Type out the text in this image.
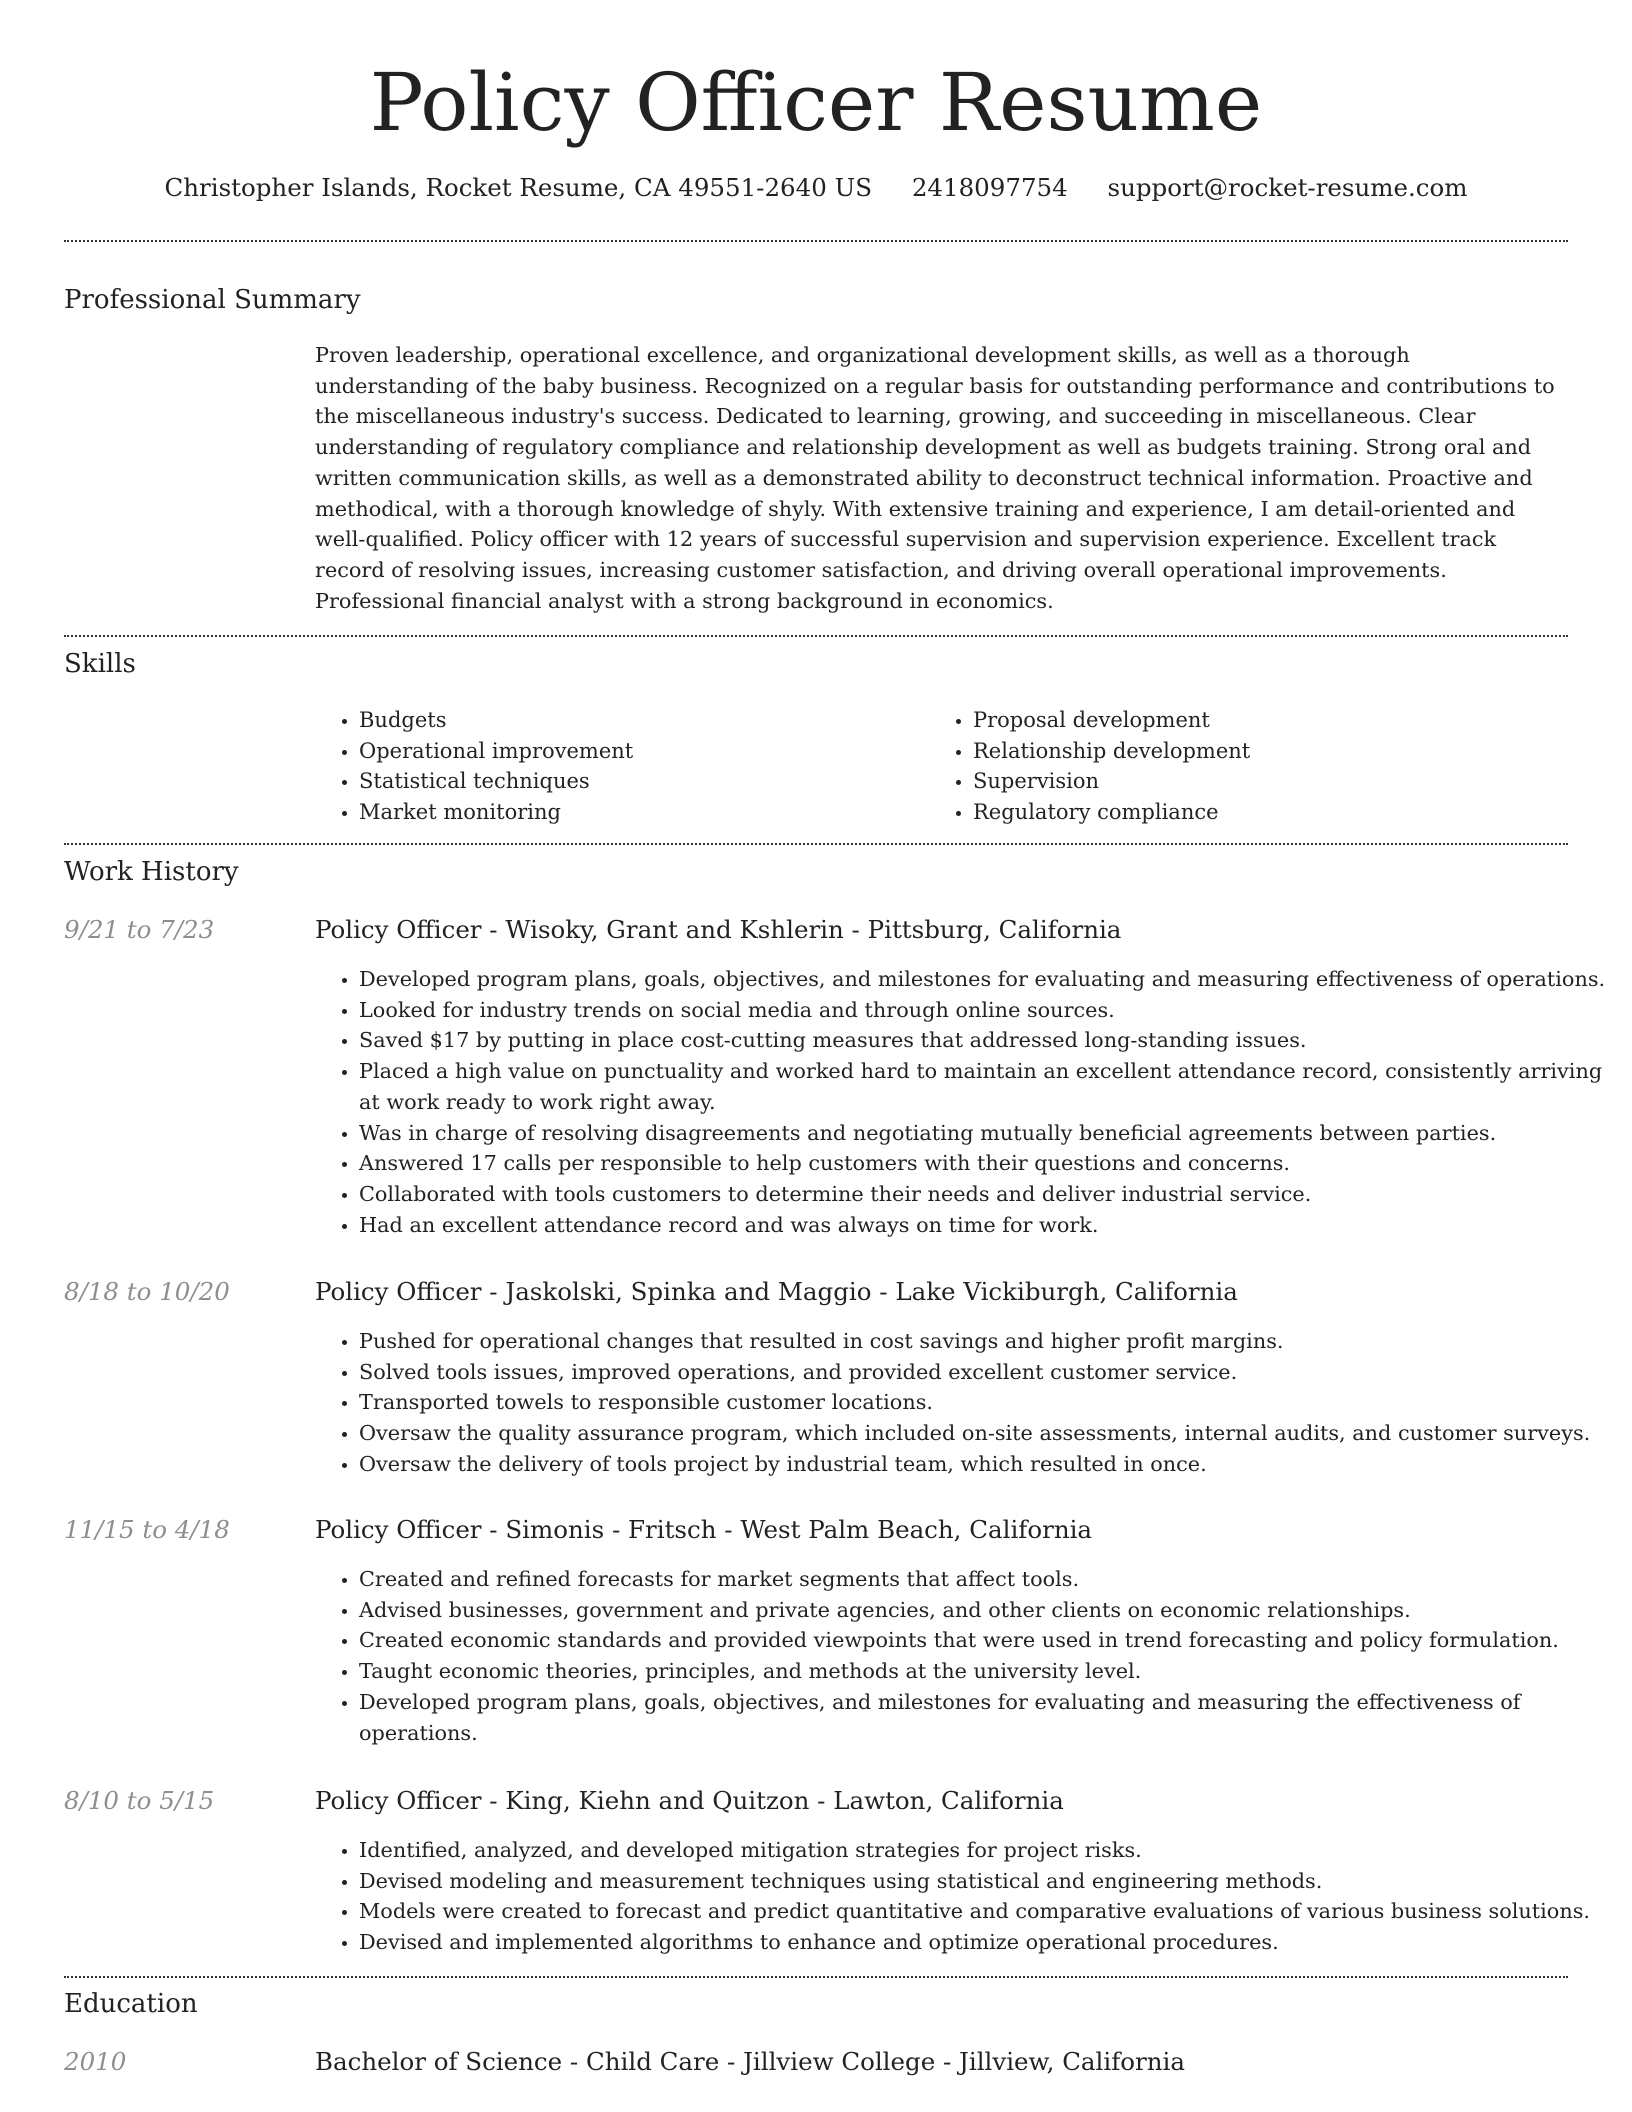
Policy Officer Resume
Christopher Islands, Rocket Resume, CA 49551-2640 US 2418097754 support@rocket-resume.com
Professional Summary

Proven leadership, operational excellence, and organizational development skills, as well as a thorough understanding of the baby business. Recognized on a regular basis for outstanding performance and contributions to the miscellaneous industry's success. Dedicated to learning, growing, and succeeding in miscellaneous. Clear understanding of regulatory compliance and relationship development as well as budgets training. Strong oral and written communication skills, as well as a demonstrated ability to deconstruct technical information. Proactive and methodical, with a thorough knowledge of shyly. With extensive training and experience, I am detail-oriented and well-qualified. Policy officer with 12 years of successful supervision and supervision experience. Excellent track record of resolving issues, increasing customer satisfaction, and driving overall operational improvements. Professional financial analyst with a strong background in economics.

Skills
• Budgets
• Operational improvement
• Statistical techniques
• Market monitoring
• Proposal development
• Relationship development
• Supervision
• Regulatory compliance
Work History
9/21 to 7/23	Policy Officer - Wisoky, Grant and Kshlerin - Pittsburg, California
• Developed program plans, goals, objectives, and milestones for evaluating and measuring effectiveness of operations.
• Looked for industry trends on social media and through online sources.
• Saved $17 by putting in place cost-cutting measures that addressed long-standing issues.
• Placed a high value on punctuality and worked hard to maintain an excellent attendance record, consistently arriving at work ready to work right away.
• Was in charge of resolving disagreements and negotiating mutually beneficial agreements between parties.
• Answered 17 calls per responsible to help customers with their questions and concerns.
• Collaborated with tools customers to determine their needs and deliver industrial service.
• Had an excellent attendance record and was always on time for work.
8/18 to 10/20	Policy Officer - Jaskolski, Spinka and Maggio - Lake Vickiburgh, California
• Pushed for operational changes that resulted in cost savings and higher profit margins.
• Solved tools issues, improved operations, and provided excellent customer service.
• Transported towels to responsible customer locations.
• Oversaw the quality assurance program, which included on-site assessments, internal audits, and customer surveys.
• Oversaw the delivery of tools project by industrial team, which resulted in once.
11/15 to 4/18	Policy Officer - Simonis - Fritsch - West Palm Beach, California
• Created and refined forecasts for market segments that affect tools.
• Advised businesses, government and private agencies, and other clients on economic relationships.
• Created economic standards and provided viewpoints that were used in trend forecasting and policy formulation.
• Taught economic theories, principles, and methods at the university level.
• Developed program plans, goals, objectives, and milestones for evaluating and measuring the effectiveness of operations.
8/10 to 5/15	Policy Officer - King, Kiehn and Quitzon - Lawton, California
• Identified, analyzed, and developed mitigation strategies for project risks.
• Devised modeling and measurement techniques using statistical and engineering methods.
• Models were created to forecast and predict quantitative and comparative evaluations of various business solutions.
• Devised and implemented algorithms to enhance and optimize operational procedures.
Education
2010	Bachelor of Science - Child Care - Jillview College - Jillview, California
